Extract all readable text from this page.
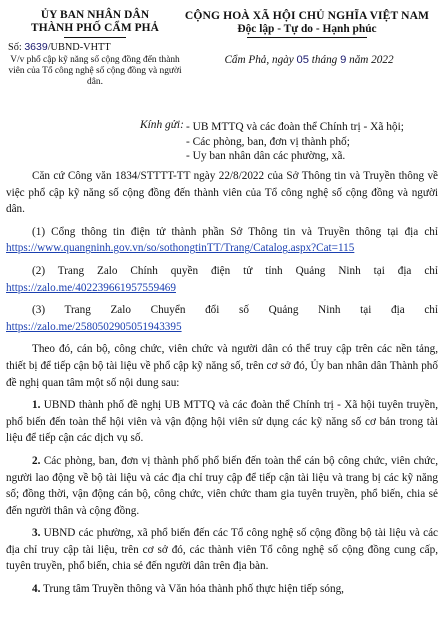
ỦY BAN NHÂN DÂN
THÀNH PHỐ CẨM PHẢ
Số: 3639/UBND-VHTT
V/v phổ cập kỹ năng số cộng đồng đến thành viên của Tổ công nghệ số cộng đồng và người dân.
CỘNG HOÀ XÃ HỘI CHỦ NGHĨA VIỆT NAM
Độc lập - Tự do - Hạnh phúc
Cẩm Phả, ngày 05 tháng 9 năm 2022
Kính gửi: - UB MTTQ và các đoàn thể Chính trị - Xã hội;
- Các phòng, ban, đơn vị thành phố;
- Uy ban nhân dân các phường, xã.

Căn cứ Công văn 1834/STTTT-TT ngày 22/8/2022 của Sở Thông tin và Truyền thông về việc phổ cập kỹ năng số cộng đồng đến thành viên của Tổ công nghệ số cộng đồng và người dân.

(1) Cổng thông tin điện tử thành phần Sở Thông tin và Truyền thông tại địa chỉ https://www.quangninh.gov.vn/so/sothongtinTT/Trang/Catalog.aspx?Cat=115

(2) Trang Zalo Chính quyền điện tử tỉnh Quảng Ninh tại địa chỉ https://zalo.me/402239661957559469

(3) Trang Zalo Chuyển đổi số Quảng Ninh tại địa chỉ https://zalo.me/2580502905051943395

Theo đó, cán bộ, công chức, viên chức và người dân có thể truy cập trên các nền tảng, thiết bị để tiếp cận bộ tài liệu về phổ cập kỹ năng số, trên cơ sở đó, Ủy ban nhân dân Thành phố đề nghị quan tâm một số nội dung sau:

1. UBND thành phố đề nghị UB MTTQ và các đoàn thể Chính trị - Xã hội tuyên truyền, phổ biến đến toàn thể hội viên và vận động hội viên sử dụng các kỹ năng số cơ bản trong tài liệu để tiếp cận các dịch vụ số.

2. Các phòng, ban, đơn vị thành phố phổ biến đến toàn thể cán bộ công chức, viên chức, người lao động về bộ tài liệu và các địa chỉ truy cập để tiếp cận tài liệu và trang bị các kỹ năng số; đồng thời, vận động cán bộ, công chức, viên chức tham gia tuyên truyền, phổ biến, chia sẻ đến người thân và cộng đồng.

3. UBND các phường, xã phổ biến đến các Tổ công nghệ số cộng đồng bộ tài liệu và các địa chỉ truy cập tài liệu, trên cơ sở đó, các thành viên Tổ công nghệ số cộng đồng cung cấp, tuyên truyền, phổ biến, chia sẻ đến người dân trên địa bàn.

4. Trung tâm Truyền thông và Văn hóa thành phố thực hiện tiếp sóng,
